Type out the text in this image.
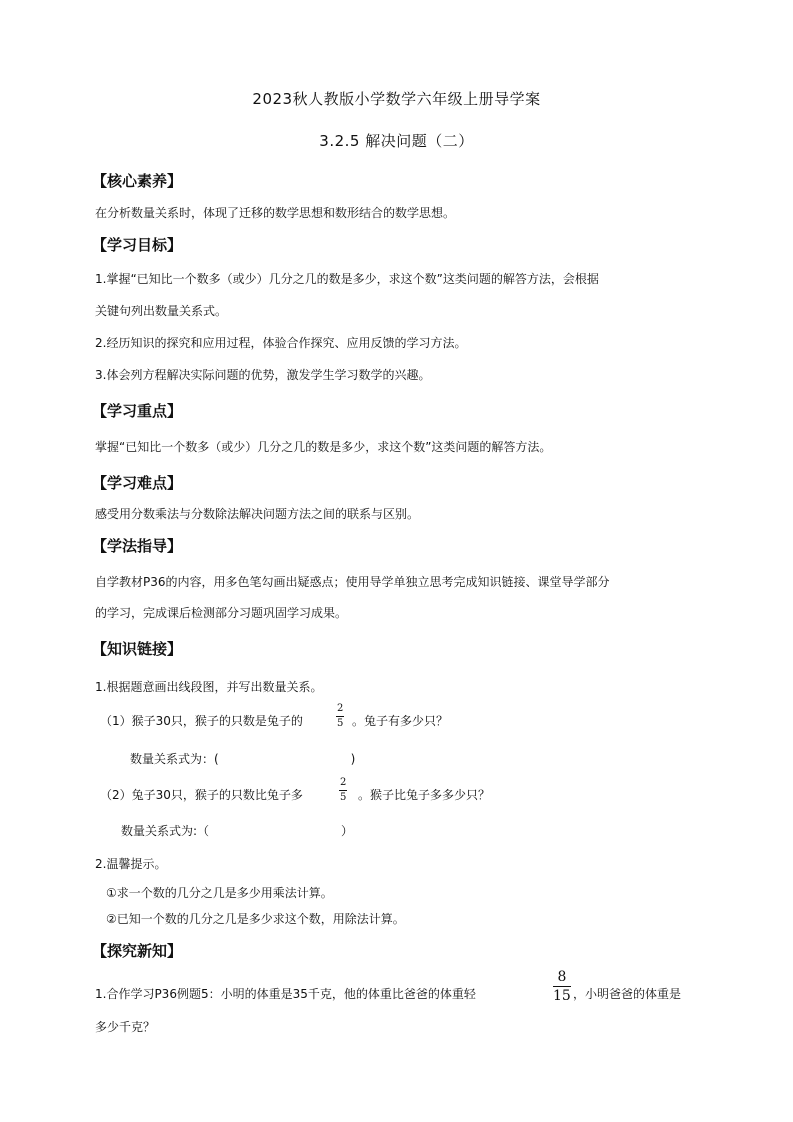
2023秋人教版小学数学六年级上册导学案
3.2.5 解决问题（二）
【核心素养】
在分析数量关系时，体现了迁移的数学思想和数形结合的数学思想。
【学习目标】
1.掌握“已知比一个数多（或少）几分之几的数是多少，求这个数”这类问题的解答方法，会根据
关键句列出数量关系式。
2.经历知识的探究和应用过程，体验合作探究、应用反馈的学习方法。
3.体会列方程解决实际问题的优势，激发学生学习数学的兴趣。
【学习重点】
掌握“已知比一个数多（或少）几分之几的数是多少，求这个数”这类问题的解答方法。
【学习难点】
感受用分数乘法与分数除法解决问题方法之间的联系与区别。
【学法指导】
自学教材P36的内容，用多色笔勾画出疑惑点；使用导学单独立思考完成知识链接、课堂导学部分
的学习，完成课后检测部分习题巩固学习成果。
【知识链接】
1.根据题意画出线段图，并写出数量关系。
（1）猴子30只，猴子的只数是兔子的
2
5 。兔子有多少只？
数量关系式为：(　　　　　　　　　　　)
（2）兔子30只，猴子的只数比兔子多
2
5 。猴子比兔子多多少只？
数量关系式为:（　　　　　　　　　　　）
2.温馨提示。
①求一个数的几分之几是多少用乘法计算。
②已知一个数的几分之几是多少求这个数，用除法计算。
【探究新知】
1.合作学习P36例题5：小明的体重是35千克，他的体重比爸爸的体重轻
8
15 ，小明爸爸的体重是
多少千克？
